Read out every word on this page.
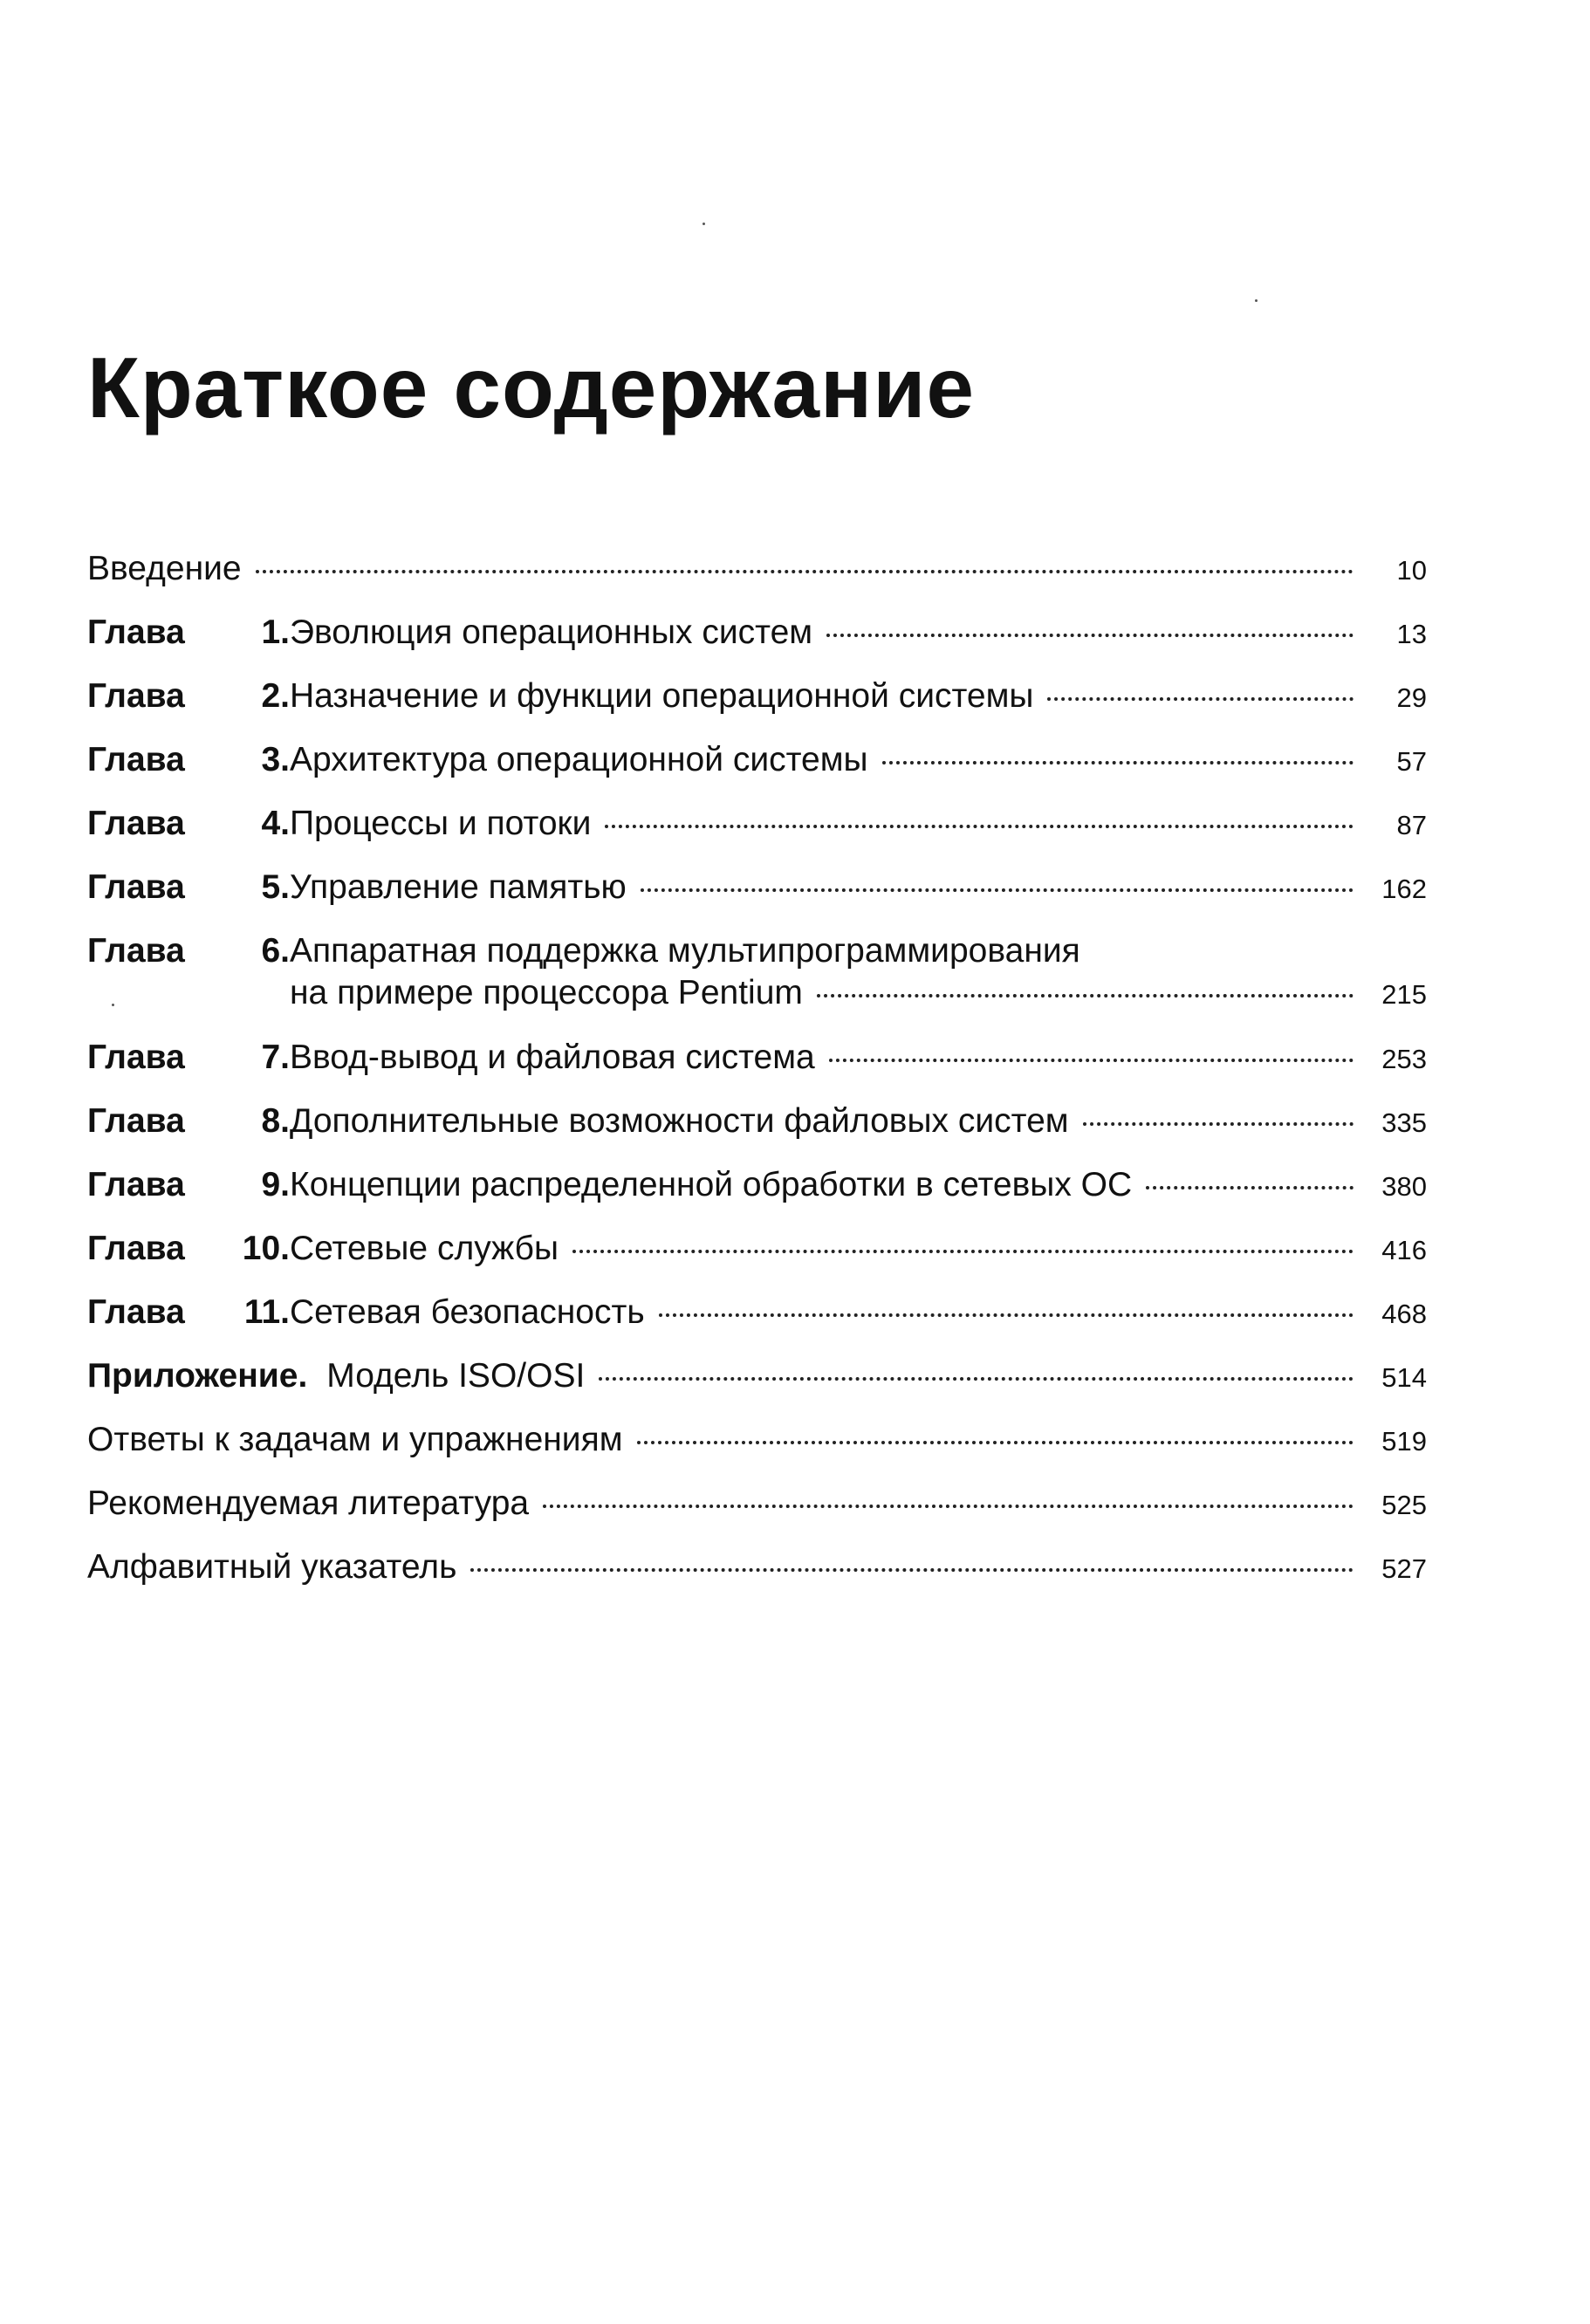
Краткое содержание
Введение	10
Глава	1. Эволюция операционных систем	13
Глава	2. Назначение и функции операционной системы	29
Глава	3. Архитектура операционной системы	57
Глава	4. Процессы и потоки	87
Глава	5. Управление памятью	162
Глава	6. Аппаратная поддержка мультипрограммирования
на примере процессора Pentium	215
Глава	7. Ввод-вывод и файловая система	253
Глава	8. Дополнительные возможности файловых систем	335
Глава	9. Концепции распределенной обработки в сетевых ОС	380
Глава	10. Сетевые службы	416
Глава	11. Сетевая безопасность	468
Приложение. Модель ISO/OSI	514
Ответы к задачам и упражнениям	519
Рекомендуемая литература	525
Алфавитный указатель	527
